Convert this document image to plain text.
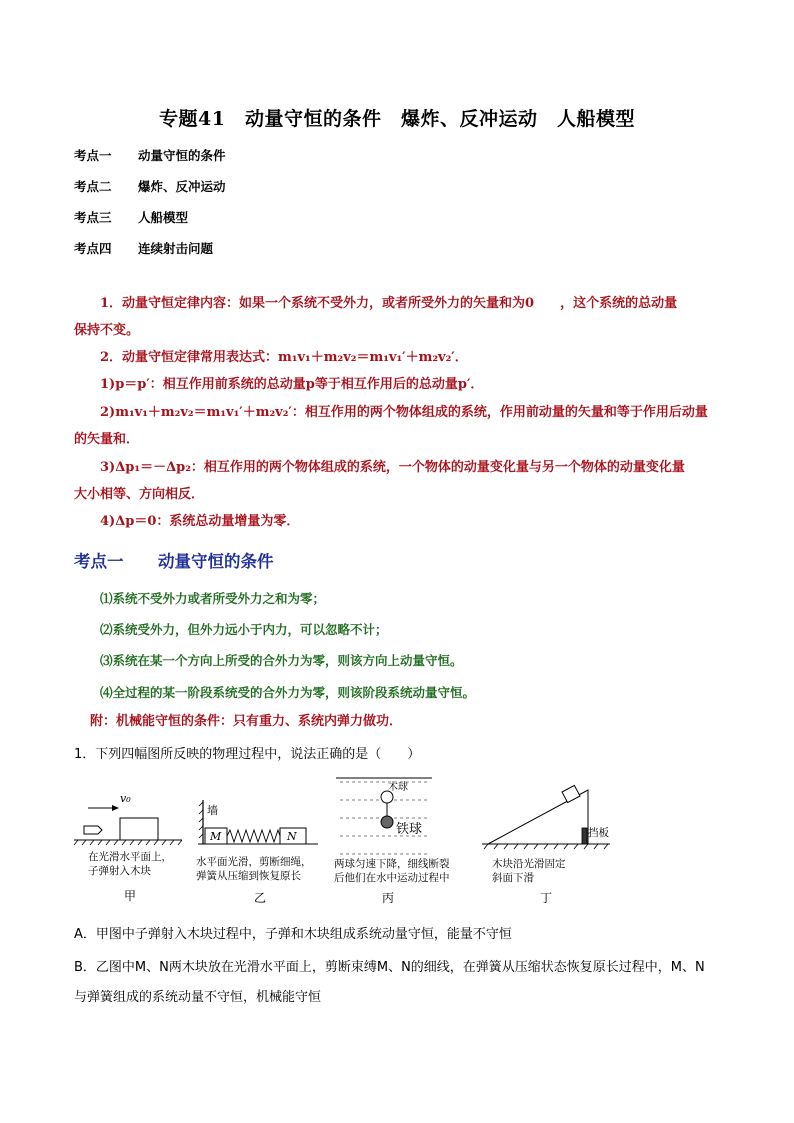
专题41　动量守恒的条件　爆炸、反冲运动　人船模型
考点一 动量守恒的条件
考点二 爆炸、反冲运动
考点三 人船模型
考点四 连续射击问题
1．动量守恒定律内容：如果一个系统不受外力，或者所受外力的矢量和为0　　，这个系统的总动量
保持不变。
2．动量守恒定律常用表达式：m₁v₁＋m₂v₂＝m₁v₁′＋m₂v₂′．
1)p＝p′：相互作用前系统的总动量p等于相互作用后的总动量p′．
2)m₁v₁＋m₂v₂＝m₁v₁′＋m₂v₂′：相互作用的两个物体组成的系统，作用前动量的矢量和等于作用后动量
的矢量和．
3)Δp₁＝－Δp₂：相互作用的两个物体组成的系统，一个物体的动量变化量与另一个物体的动量变化量
大小相等、方向相反．
4)Δp＝0：系统总动量增量为零．
考点一 动量守恒的条件
⑴系统不受外力或者所受外力之和为零；
⑵系统受外力，但外力远小于内力，可以忽略不计；
⑶系统在某一个方向上所受的合外力为零，则该方向上动量守恒。
⑷全过程的某一阶段系统受的合外力为零，则该阶段系统动量守恒。
附：机械能守恒的条件：只有重力、系统内弹力做功．
1．下列四幅图所反映的物理过程中，说法正确的是（　　）
v₀
在光滑水平面上，
子弹射入木块
甲
墙
M	N
水平面光滑，剪断细绳，
弹簧从压缩到恢复原长
乙
木球
铁球
两球匀速下降，细线断裂
后他们在水中运动过程中
丙
挡板
木块沿光滑固定
斜面下滑
丁
A．甲图中子弹射入木块过程中，子弹和木块组成系统动量守恒，能量不守恒
B．乙图中M、N两木块放在光滑水平面上，剪断束缚M、N的细线，在弹簧从压缩状态恢复原长过程中，M、N
与弹簧组成的系统动量不守恒，机械能守恒
